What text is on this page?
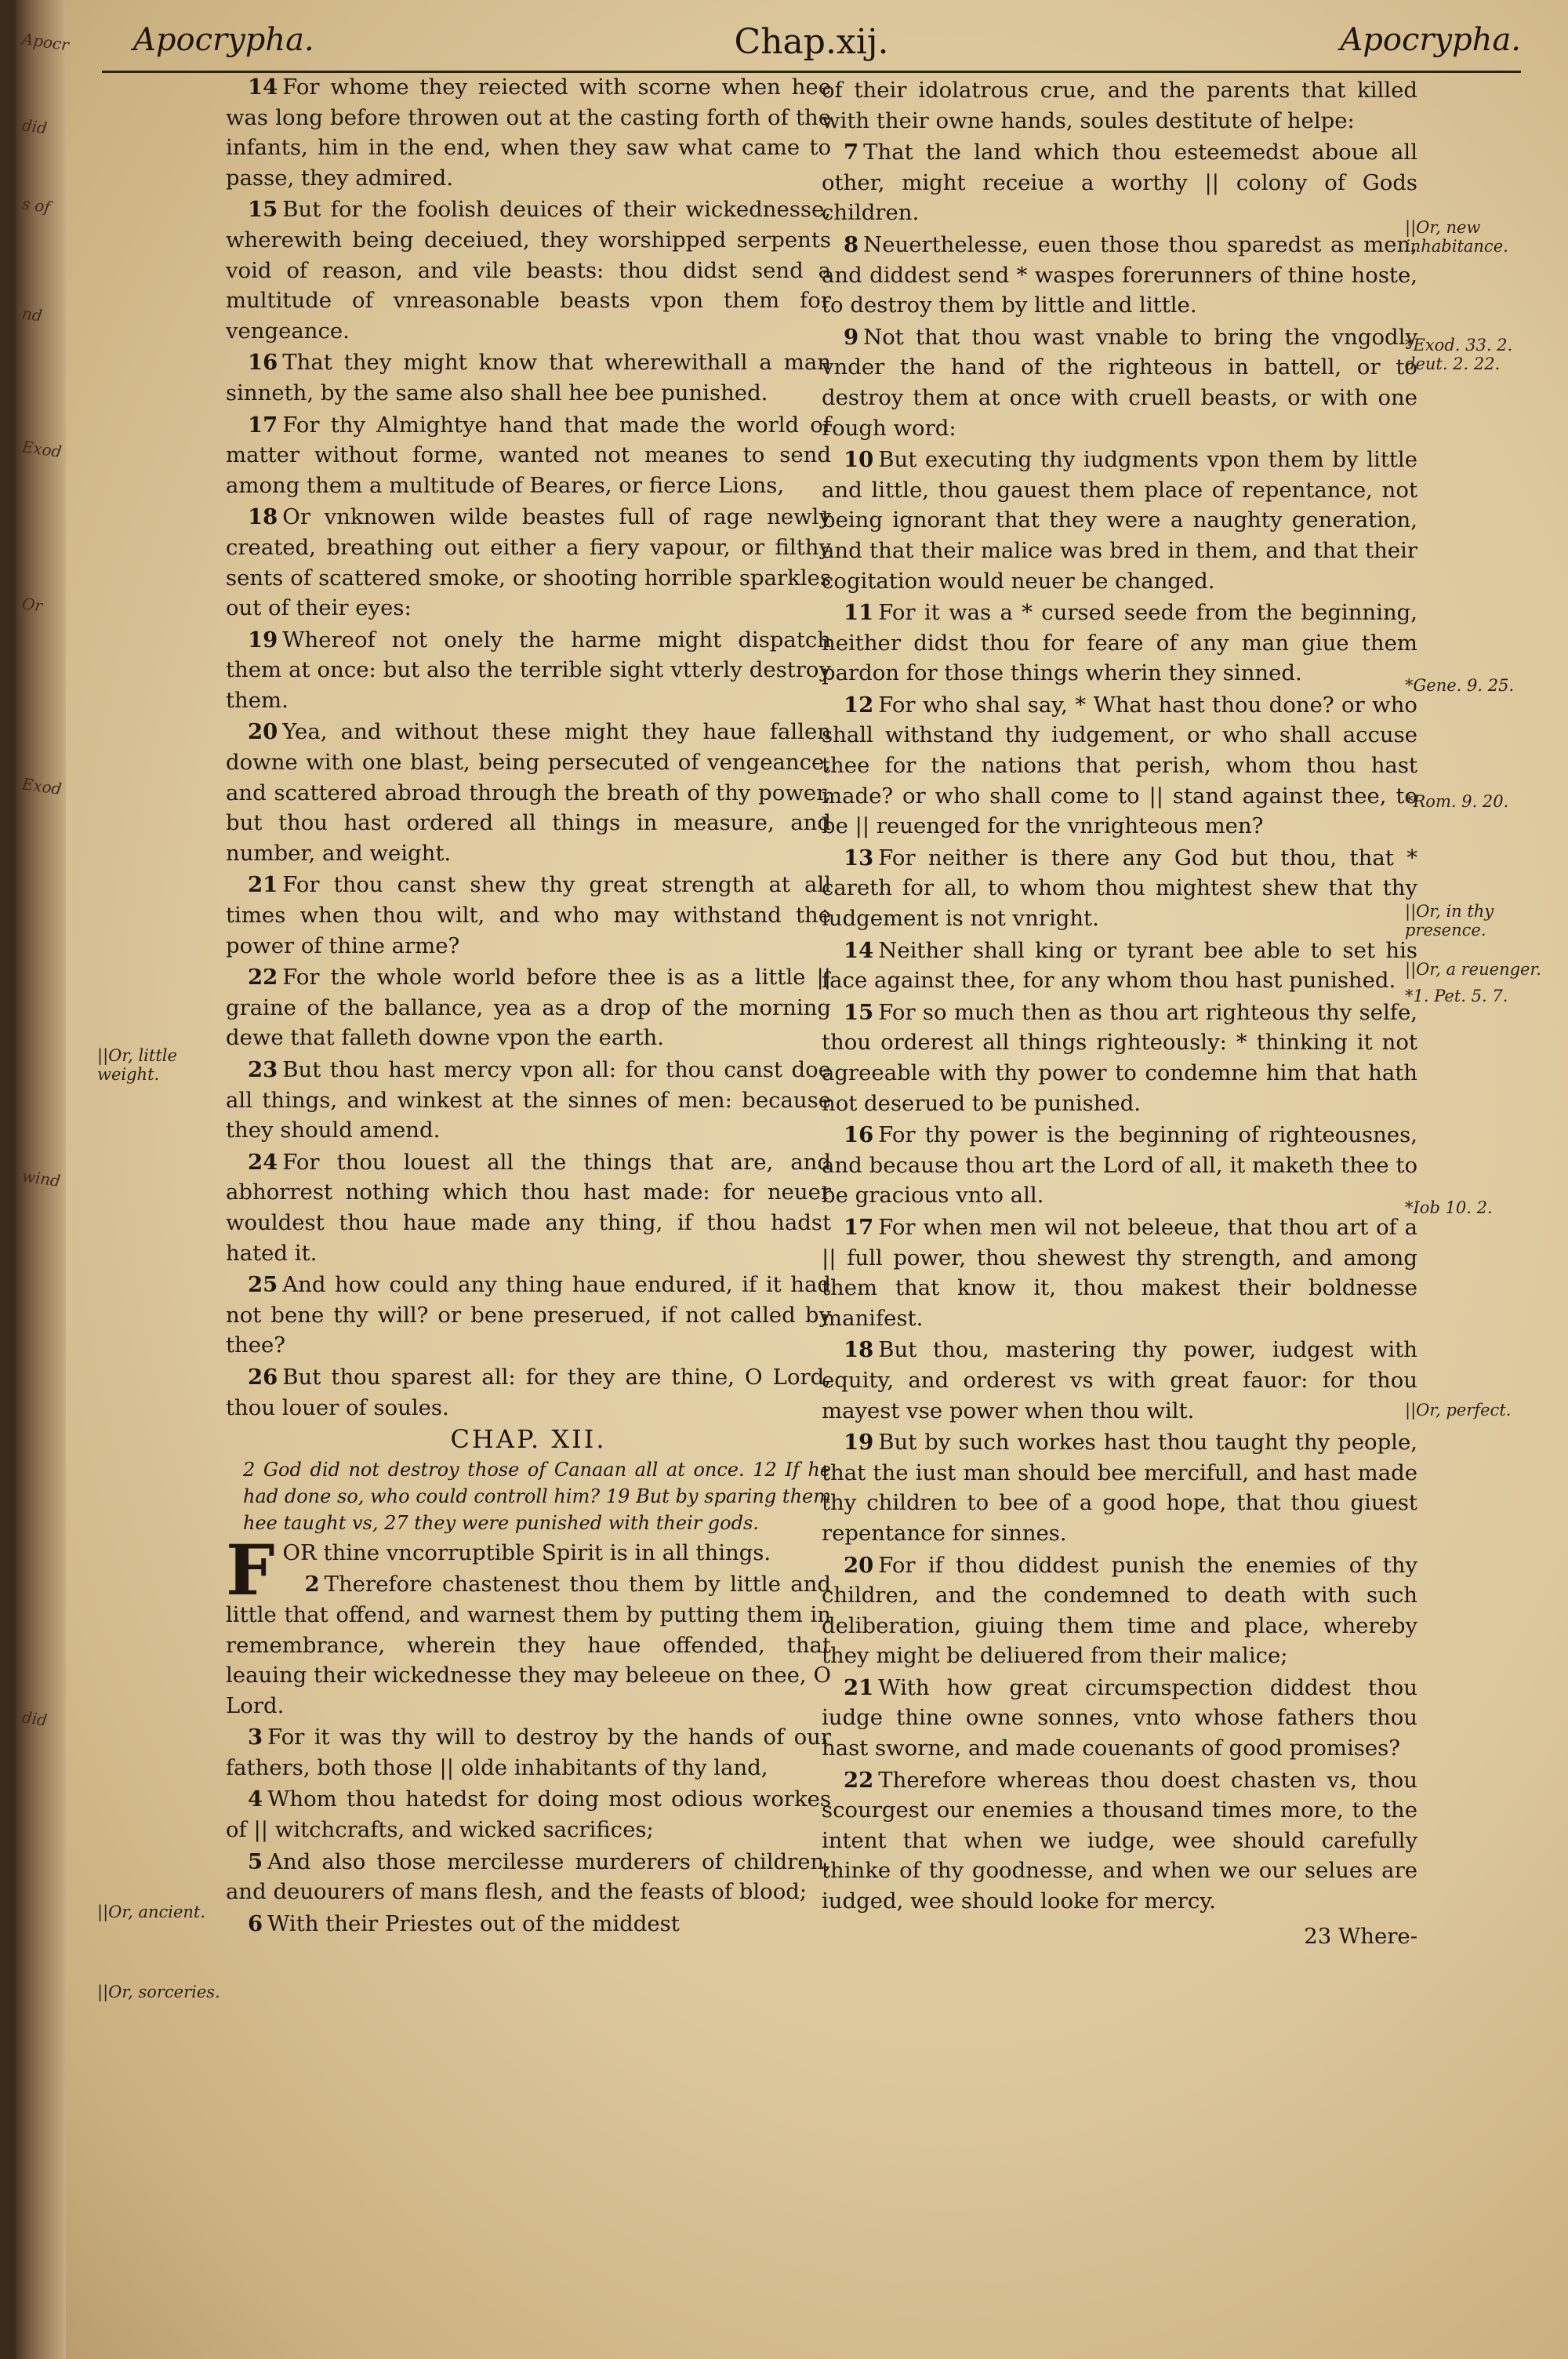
Apocr
did
s of
nd
Exod
Or
Exod
wind
did
Apocrypha.	Chap.xij.	Apocrypha.

14 For whome they reiected with scorne when hee was long before throwen out at the casting forth of the infants, him in the end, when they saw what came to passe, they admired.

15 But for the foolish deuices of their wickednesse, wherewith being deceiued, they worshipped serpents void of reason, and vile beasts: thou didst send a multitude of vnreasonable beasts vpon them for vengeance.

16 That they might know that wherewithall a man sinneth, by the same also shall hee bee punished.

17 For thy Almightye hand that made the world of matter without forme, wanted not meanes to send among them a multitude of Beares, or fierce Lions,

18 Or vnknowen wilde beastes full of rage newly created, breathing out either a fiery vapour, or filthy sents of scattered smoke, or shooting horrible sparkles out of their eyes:

19 Whereof not onely the harme might dispatch them at once: but also the terrible sight vtterly destroy them.

20 Yea, and without these might they haue fallen downe with one blast, being persecuted of vengeance, and scattered abroad through the breath of thy power, but thou hast ordered all things in measure, and number, and weight.

21 For thou canst shew thy great strength at all times when thou wilt, and who may withstand the power of thine arme?

22 For the whole world before thee is as a little || graine of the ballance, yea as a drop of the morning dewe that falleth downe vpon the earth.

23 But thou hast mercy vpon all: for thou canst doe all things, and winkest at the sinnes of men: because they should amend.

24 For thou louest all the things that are, and abhorrest nothing which thou hast made: for neuer wouldest thou haue made any thing, if thou hadst hated it.

25 And how could any thing haue endured, if it had not bene thy will? or bene preserued, if not called by thee?

26 But thou sparest all: for they are thine, O Lord, thou louer of soules.

CHAP. XII.

2 God did not destroy those of Canaan all at once. 12 If he had done so, who could controll him? 19 But by sparing them hee taught vs, 27 they were punished with their gods.

FOR thine vncorruptible Spirit is in all things.

2 Therefore chastenest thou them by little and little that offend, and warnest them by putting them in remembrance, wherein they haue offended, that leauing their wickednesse they may beleeue on thee, O Lord.

3 For it was thy will to destroy by the hands of our fathers, both those || olde inhabitants of thy land,

4 Whom thou hatedst for doing most odious workes of || witchcrafts, and wicked sacrifices;

5 And also those mercilesse murderers of children, and deuourers of mans flesh, and the feasts of blood;

6 With their Priestes out of the middest

of their idolatrous crue, and the parents that killed with their owne hands, soules destitute of helpe:

7 That the land which thou esteemedst aboue all other, might receiue a worthy || colony of Gods children.

8 Neuerthelesse, euen those thou sparedst as men, and diddest send * waspes forerunners of thine hoste, to destroy them by little and little.

9 Not that thou wast vnable to bring the vngodly vnder the hand of the righteous in battell, or to destroy them at once with cruell beasts, or with one rough word:

10 But executing thy iudgments vpon them by little and little, thou gauest them place of repentance, not being ignorant that they were a naughty generation, and that their malice was bred in them, and that their cogitation would neuer be changed.

11 For it was a * cursed seede from the beginning, neither didst thou for feare of any man giue them pardon for those things wherin they sinned.

12 For who shal say, * What hast thou done? or who shall withstand thy iudgement, or who shall accuse thee for the nations that perish, whom thou hast made? or who shall come to || stand against thee, to be || reuenged for the vnrighteous men?

13 For neither is there any God but thou, that * careth for all, to whom thou mightest shew that thy iudgement is not vnright.

14 Neither shall king or tyrant bee able to set his face against thee, for any whom thou hast punished.

15 For so much then as thou art righteous thy selfe, thou orderest all things righteously: * thinking it not agreeable with thy power to condemne him that hath not deserued to be punished.

16 For thy power is the beginning of righteousnes, and because thou art the Lord of all, it maketh thee to be gracious vnto all.

17 For when men wil not beleeue, that thou art of a || full power, thou shewest thy strength, and among them that know it, thou makest their boldnesse manifest.

18 But thou, mastering thy power, iudgest with equity, and orderest vs with great fauor: for thou mayest vse power when thou wilt.

19 But by such workes hast thou taught thy people, that the iust man should bee mercifull, and hast made thy children to bee of a good hope, that thou giuest repentance for sinnes.

20 For if thou diddest punish the enemies of thy children, and the condemned to death with such deliberation, giuing them time and place, whereby they might be deliuered from their malice;

21 With how great circumspection diddest thou iudge thine owne sonnes, vnto whose fathers thou hast sworne, and made couenants of good promises?

22 Therefore whereas thou doest chasten vs, thou scourgest our enemies a thousand times more, to the intent that when we iudge, wee should carefully thinke of thy goodnesse, and when we our selues are iudged, wee should looke for mercy.

23 Where-

||Or, little weight.
||Or, ancient.
||Or, sorceries.
||Or, new inhabitance.
*Exod. 33. 2. deut. 2. 22.
*Gene. 9. 25.
*Rom. 9. 20.
||Or, in thy presence.
||Or, a reuenger.
*1. Pet. 5. 7.
*Iob 10. 2.
||Or, perfect.
